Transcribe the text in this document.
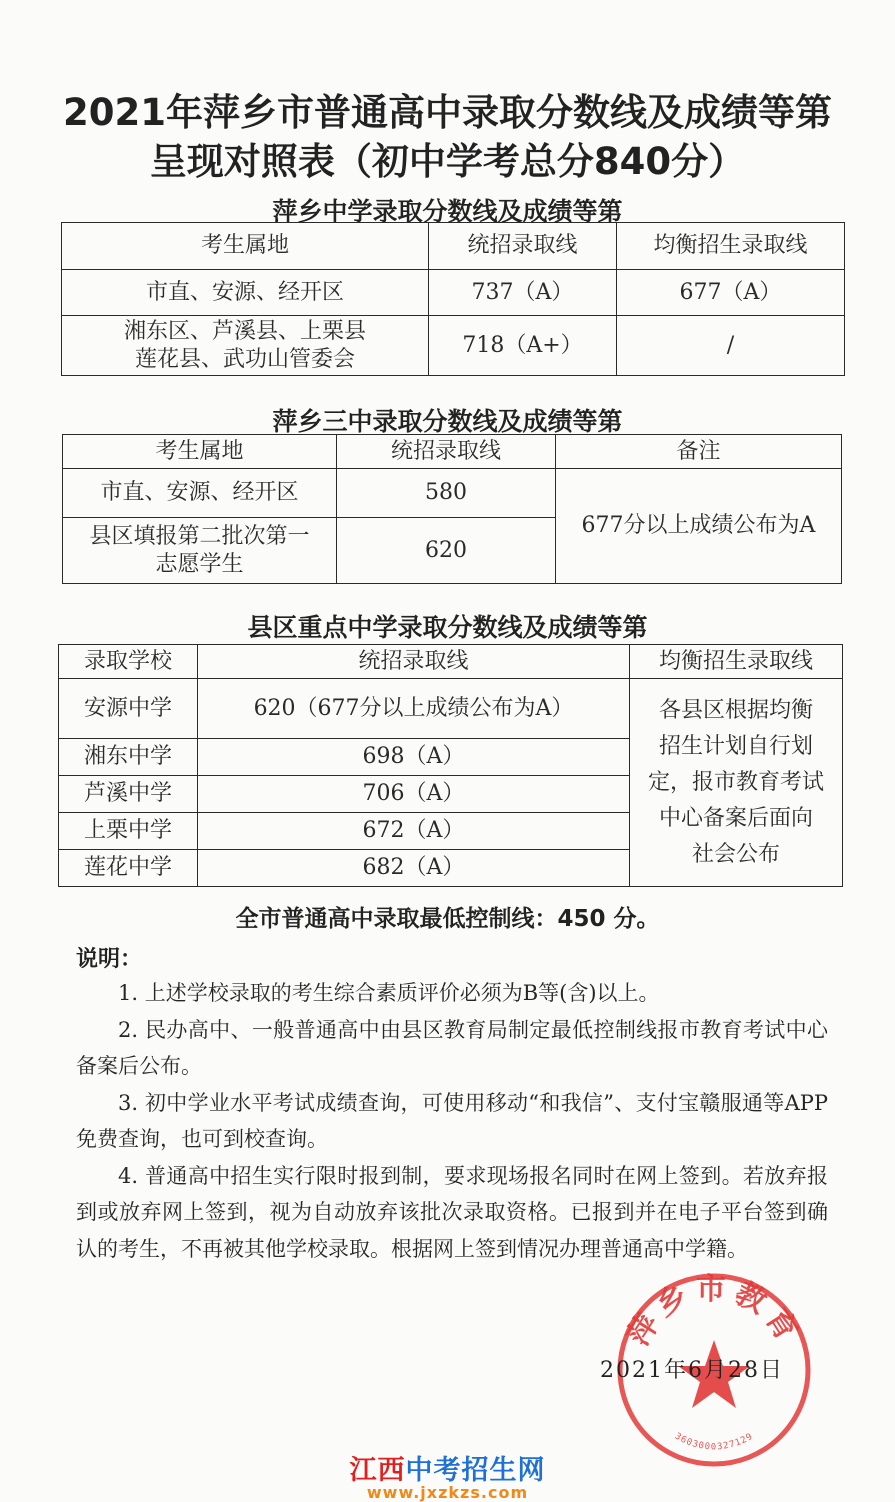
2021年萍乡市普通高中录取分数线及成绩等第
呈现对照表（初中学考总分840分）
萍乡中学录取分数线及成绩等第
考生属地	统招录取线	均衡招生录取线
市直、安源、经开区	737（A）	677（A）

湘东区、芦溪县、上栗县
莲花县、武功山管委会	718（A+）	/
萍乡三中录取分数线及成绩等第
考生属地	统招录取线	备注
市直、安源、经开区	580	677分以上成绩公布为A

县区填报第二批次第一
志愿学生	620	
县区重点中学录取分数线及成绩等第
录取学校	统招录取线	均衡招生录取线
安源中学	620（677分以上成绩公布为A）	各县区根据均衡
招生计划自行划
定，报市教育考试
中心备案后面向
社会公布

湘东中学	698（A）	
芦溪中学	706（A）	
上栗中学	672（A）	
莲花中学	682（A）	
全市普通高中录取最低控制线：450 分。
说明：

1. 上述学校录取的考生综合素质评价必须为B等(含)以上。

2. 民办高中、一般普通高中由县区教育局制定最低控制线报市教育考试中心备案后公布。

3. 初中学业水平考试成绩查询，可使用移动“和我信”、支付宝赣服通等APP免费查询，也可到校查询。

4. 普通高中招生实行限时报到制，要求现场报名同时在网上签到。若放弃报到或放弃网上签到，视为自动放弃该批次录取资格。已报到并在电子平台签到确认的考生，不再被其他学校录取。根据网上签到情况办理普通高中学籍。

萍乡市教育
3603000327129
2021年6月28日
江西中考招生网
www.jxzkzs.com
